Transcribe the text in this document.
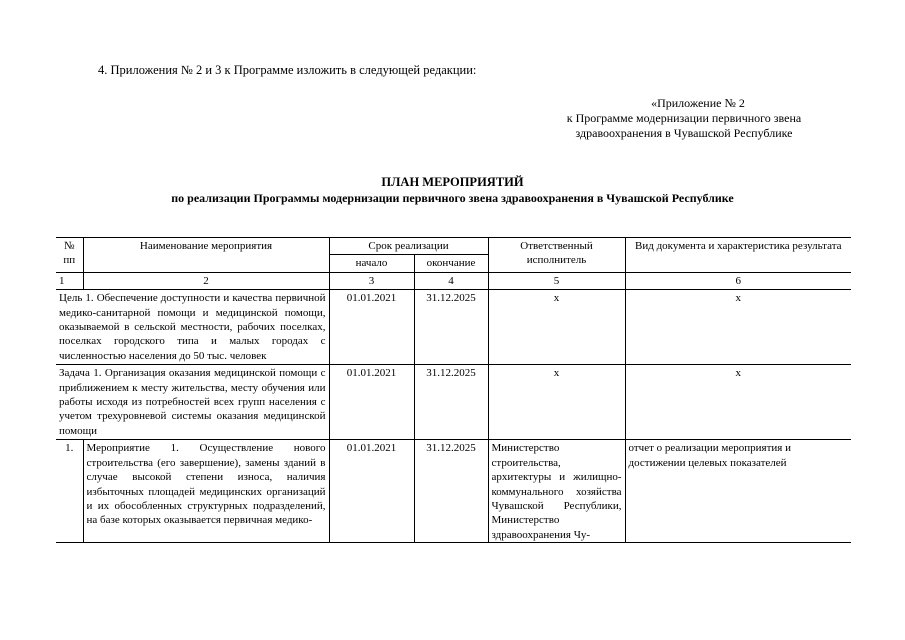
4. Приложения № 2 и 3 к Программе изложить в следующей редакции:
«Приложение № 2
к Программе модернизации первичного звена
здравоохранения в Чувашской Республике
ПЛАН МЕРОПРИЯТИЙ
по реализации Программы модернизации первичного звена здравоохранения в Чувашской Республике
№ пп	Наименование мероприятия	Срок реализации		Ответственный исполнитель	Вид документа и характеристика результата
		начало	окончание		
1	2	3	4	5	6
Цель 1. Обеспечение доступности и качества первичной медико-санитарной помощи и медицинской помощи, оказываемой в сельской местности, рабочих поселках, поселках городского типа и малых городах с численностью населения до 50 тыс. человек		01.01.2021	31.12.2025	x	x
Задача 1. Организация оказания медицинской помощи с приближением к месту жительства, месту обучения или работы исходя из потребностей всех групп населения с учетом трехуровневой системы оказания медицинской помощи		01.01.2021	31.12.2025	x	x
1.	Мероприятие 1. Осуществление нового строительства (его завершение), замены зданий в случае высокой степени износа, наличия избыточных площадей медицинских организаций и их обособленных структурных подразделений, на базе которых оказывается первичная медико-	01.01.2021	31.12.2025	Министерство строительства, архитектуры и жилищно-коммунального хозяйства Чувашской Республики, Министерство здравоохранения Чу-	отчет о реализации мероприятия и достижении целевых показателей
